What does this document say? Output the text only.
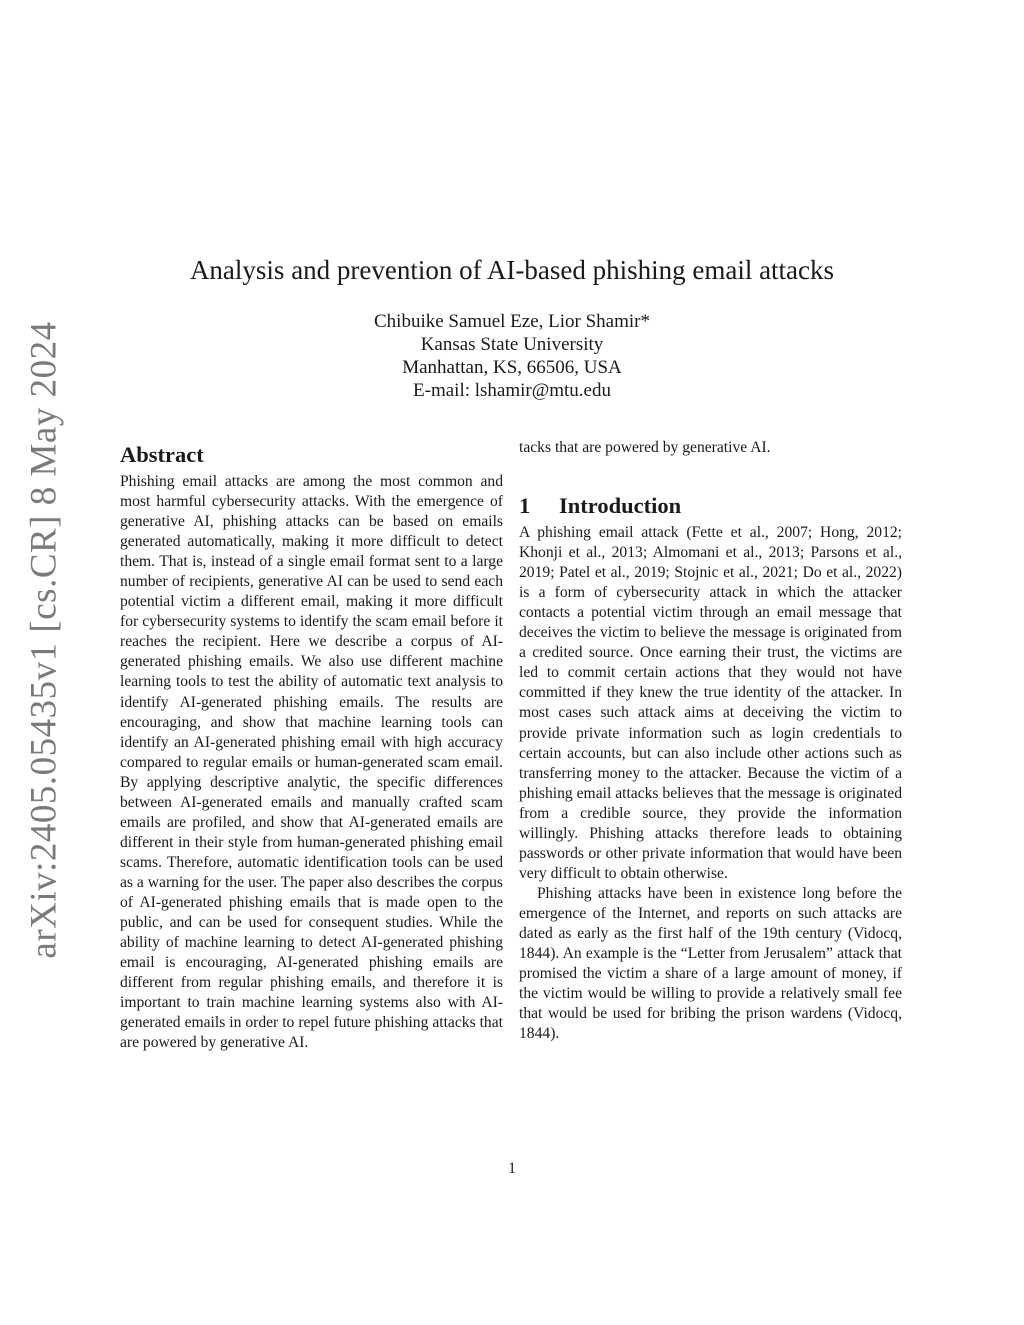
arXiv:2405.05435v1 [cs.CR] 8 May 2024
Analysis and prevention of AI-based phishing email attacks
Chibuike Samuel Eze, Lior Shamir*
Kansas State University
Manhattan, KS, 66506, USA
E-mail: lshamir@mtu.edu
Abstract

Phishing email attacks are among the most common and most harmful cybersecurity attacks. With the emergence of generative AI, phishing attacks can be based on emails generated automatically, making it more difficult to detect them. That is, instead of a single email format sent to a large number of recipients, generative AI can be used to send each potential victim a different email, making it more difficult for cybersecurity systems to identify the scam email before it reaches the recipient. Here we describe a corpus of AI-generated phishing emails. We also use different machine learning tools to test the ability of automatic text analysis to identify AI-generated phishing emails. The results are encouraging, and show that machine learning tools can identify an AI-generated phishing email with high accuracy compared to regular emails or human-generated scam email. By applying descriptive analytic, the specific differences between AI-generated emails and manually crafted scam emails are profiled, and show that AI-generated emails are different in their style from human-generated phishing email scams. Therefore, automatic identification tools can be used as a warning for the user. The paper also describes the corpus of AI-generated phishing emails that is made open to the public, and can be used for consequent studies. While the ability of machine learning to detect AI-generated phishing email is encouraging, AI-generated phishing emails are different from regular phishing emails, and therefore it is important to train machine learning systems also with AI-generated emails in order to repel future phishing attacks that are powered by generative AI.

tacks that are powered by generative AI.

1 Introduction

A phishing email attack (Fette et al., 2007; Hong, 2012; Khonji et al., 2013; Almomani et al., 2013; Parsons et al., 2019; Patel et al., 2019; Stojnic et al., 2021; Do et al., 2022) is a form of cybersecurity attack in which the attacker contacts a potential victim through an email message that deceives the victim to believe the message is originated from a credited source. Once earning their trust, the victims are led to commit certain actions that they would not have committed if they knew the true identity of the attacker. In most cases such attack aims at deceiving the victim to provide private information such as login credentials to certain accounts, but can also include other actions such as transferring money to the attacker. Because the victim of a phishing email attacks believes that the message is originated from a credible source, they provide the information willingly. Phishing attacks therefore leads to obtaining passwords or other private information that would have been very difficult to obtain otherwise.

Phishing attacks have been in existence long before the emergence of the Internet, and reports on such attacks are dated as early as the first half of the 19th century (Vidocq, 1844). An example is the “Letter from Jerusalem” attack that promised the victim a share of a large amount of money, if the victim would be willing to provide a relatively small fee that would be used for bribing the prison wardens (Vidocq, 1844).

1
